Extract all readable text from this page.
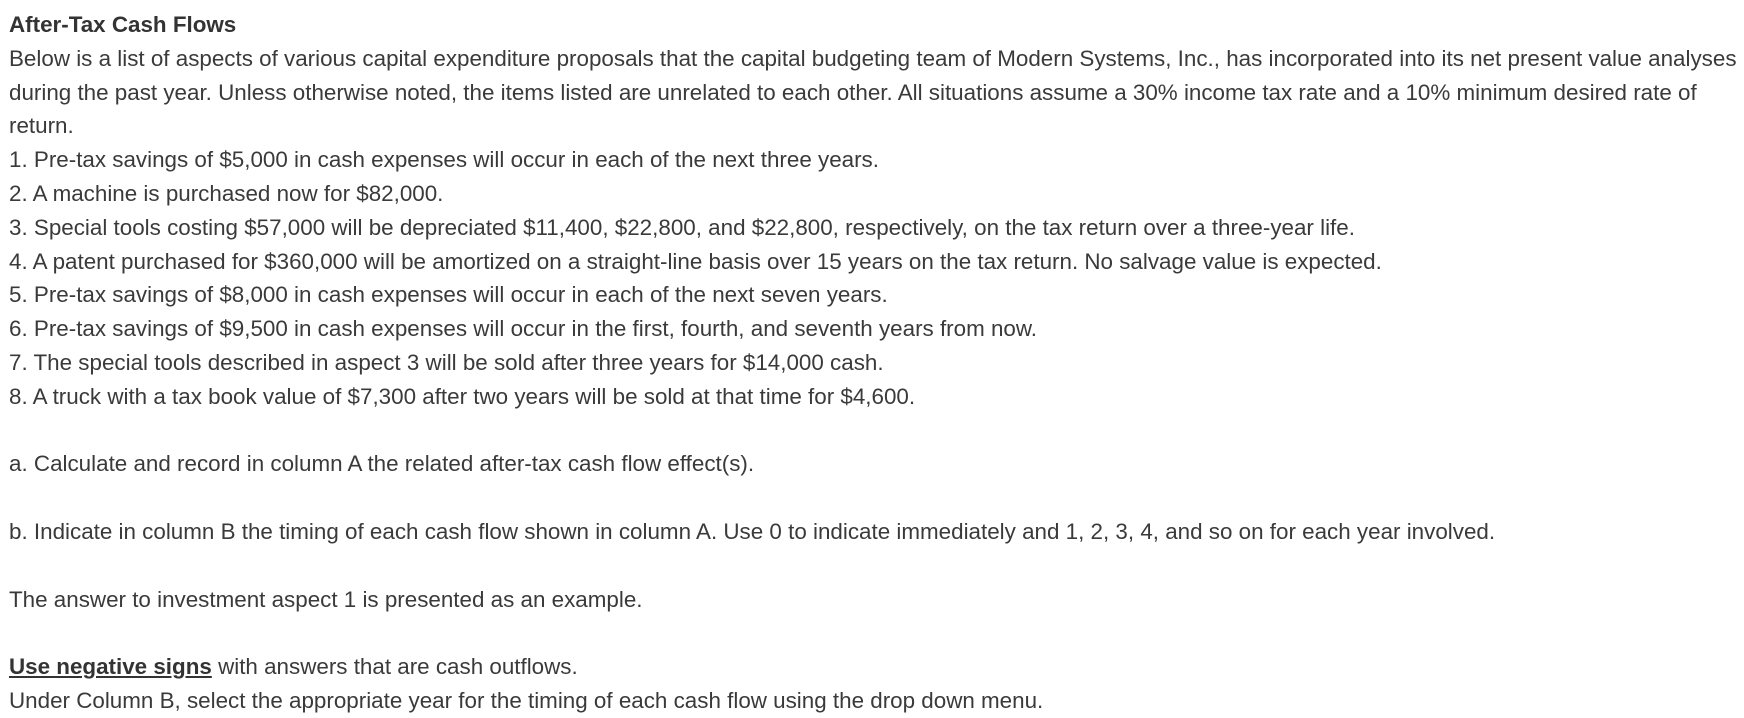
After-Tax Cash Flows

Below is a list of aspects of various capital expenditure proposals that the capital budgeting team of Modern Systems, Inc., has incorporated into its net present value analyses during the past year. Unless otherwise noted, the items listed are unrelated to each other. All situations assume a 30% income tax rate and a 10% minimum desired rate of return.

1. Pre-tax savings of $5,000 in cash expenses will occur in each of the next three years.
2. A machine is purchased now for $82,000.
3. Special tools costing $57,000 will be depreciated $11,400, $22,800, and $22,800, respectively, on the tax return over a three-year life.
4. A patent purchased for $360,000 will be amortized on a straight-line basis over 15 years on the tax return. No salvage value is expected.
5. Pre-tax savings of $8,000 in cash expenses will occur in each of the next seven years.
6. Pre-tax savings of $9,500 in cash expenses will occur in the first, fourth, and seventh years from now.
7. The special tools described in aspect 3 will be sold after three years for $14,000 cash.
8. A truck with a tax book value of $7,300 after two years will be sold at that time for $4,600.

a. Calculate and record in column A the related after-tax cash flow effect(s).

b. Indicate in column B the timing of each cash flow shown in column A. Use 0 to indicate immediately and 1, 2, 3, 4, and so on for each year involved.

The answer to investment aspect 1 is presented as an example.

Use negative signs with answers that are cash outflows.

Under Column B, select the appropriate year for the timing of each cash flow using the drop down menu.
